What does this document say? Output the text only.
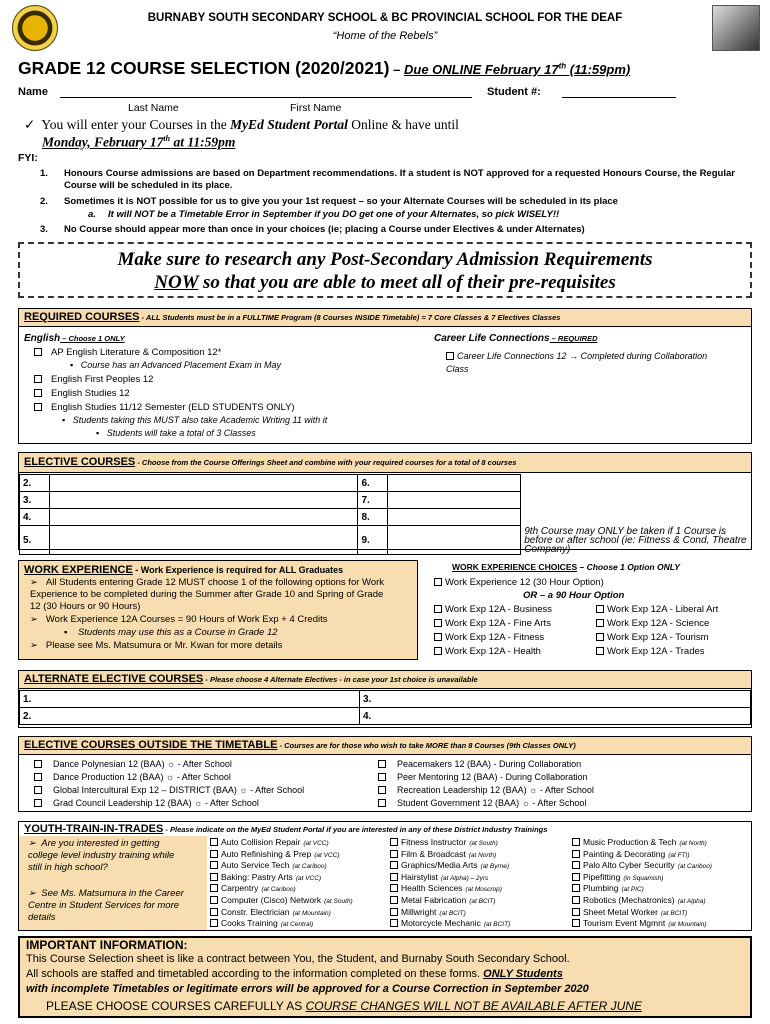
BURNABY SOUTH SECONDARY SCHOOL & BC PROVINCIAL SCHOOL FOR THE DEAF
“Home of the Rebels”
GRADE 12 COURSE SELECTION (2020/2021) – Due ONLINE February 17th (11:59pm)
Name	Student #:
Last Name	First Name
✓ You will enter your Courses in the MyEd Student Portal Online & have until
Monday, February 17th at 11:59pm
FYI:
1. Honours Course admissions are based on Department recommendations. If a student is NOT approved for a requested Honours Course, the Regular Course will be scheduled in its place.
2. Sometimes it is NOT possible for us to give you your 1st request – so your Alternate Courses will be scheduled in its place
a. It will NOT be a Timetable Error in September if you DO get one of your Alternates, so pick WISELY!!
3. No Course should appear more than once in your choices (ie; placing a Course under Electives & under Alternates)
Make sure to research any Post-Secondary Admission Requirements
NOW so that you are able to meet all of their pre-requisites
REQUIRED COURSES - ALL Students must be in a FULLTIME Program (8 Courses INSIDE Timetable) = 7 Core Classes & 7 Electives Classes
English – Choose 1 ONLY
AP English Literature & Composition 12*
▪   Course has an Advanced Placement Exam in May
English First Peoples 12
English Studies 12
English Studies 11/12 Semester (ELD STUDENTS ONLY)
▪   Students taking this MUST also take Academic Writing 11 with it
▪   Students will take a total of 3 Classes
Career Life Connections – REQUIRED
Career Life Connections 12 → Completed during Collaboration Class
ELECTIVE COURSES - Choose from the Course Offerings Sheet and combine with your required courses for a total of 8 courses
2.		6.		
3.		7.		
4.		8.		
5.		9.		9th Course may ONLY be taken if 1 Course is before or after school (ie: Fitness & Cond, Theatre Company)
WORK EXPERIENCE - Work Experience is required for ALL Graduates
➢   All Students entering Grade 12 MUST choose 1 of the following options for Work Experience to be completed during the Summer after Grade 10 and Spring of Grade 12 (30 Hours or 90 Hours)
➢   Work Experience 12A Courses = 90 Hours of Work Exp + 4 Credits
▪    Students may use this as a Course in Grade 12
➢   Please see Ms. Matsumura or Mr. Kwan for more details
WORK EXPERIENCE CHOICES – Choose 1 Option ONLY
Work Experience 12 (30 Hour Option)
OR – a 90 Hour Option
Work Exp 12A - Business	Work Exp 12A - Liberal Art
Work Exp 12A - Fine Arts	Work Exp 12A - Science
Work Exp 12A - Fitness	Work Exp 12A - Tourism
Work Exp 12A - Health	Work Exp 12A - Trades
ALTERNATE ELECTIVE COURSES - Please choose 4 Alternate Electives - in case your 1st choice is unavailable
1.	3.
2.	4.
ELECTIVE COURSES OUTSIDE THE TIMETABLE - Courses are for those who wish to take MORE than 8 Courses (9th Classes ONLY)
Dance Polynesian 12 (BAA) ☼ - After School
Dance Production 12 (BAA) ☼ - After School
Global Intercultural Exp 12 – DISTRICT (BAA) ☼ - After School
Grad Council Leadership 12 (BAA) ☼ - After School
Peacemakers 12 (BAA) - During Collaboration
Peer Mentoring 12 (BAA) - During Collaboration
Recreation Leadership 12 (BAA) ☼ - After School
Student Government 12 (BAA) ☼ - After School
YOUTH-TRAIN-IN-TRADES - Please indicate on the MyEd Student Portal if you are interested in any of these District Industry Trainings
➢  Are you interested in getting college level industry training while still in high school?
➢  See Ms. Matsumura in the Career Centre in Student Services for more details
Auto Collision Repair (at VCC)
Auto Refinishing & Prep (at VCC)
Auto Service Tech (at Cariboo)
Baking: Pastry Arts (at VCC)
Carpentry (at Cariboo)
Computer (Cisco) Network (at South)
Constr. Electrician (at Mountain)
Cooks Training (at Central)
Fitness Instructor (at South)
Film & Broadcast (at North)
Graphics/Media Arts (at Byrne)
Hairstylist (at Alpha) – 2yrs
Health Sciences (at Moscrop)
Metal Fabrication (at BCIT)
Millwright (at BCIT)
Motorcycle Mechanic (at BCIT)
Music Production & Tech (at North)
Painting & Decorating (at FTI)
Palo Alto Cyber Security (at Cariboo)
Pipefitting (in Squamish)
Plumbing (at PIC)
Robotics (Mechatronics) (at Alpha)
Sheet Metal Worker (at BCIT)
Tourism Event Mgmnt (at Mountain)
IMPORTANT INFORMATION:
This Course Selection sheet is like a contract between You, the Student, and Burnaby South Secondary School.
All schools are staffed and timetabled according to the information completed on these forms. ONLY Students
with incomplete Timetables or legitimate errors will be approved for a Course Correction in September 2020
PLEASE CHOOSE COURSES CAREFULLY AS COURSE CHANGES WILL NOT BE AVAILABLE AFTER JUNE
